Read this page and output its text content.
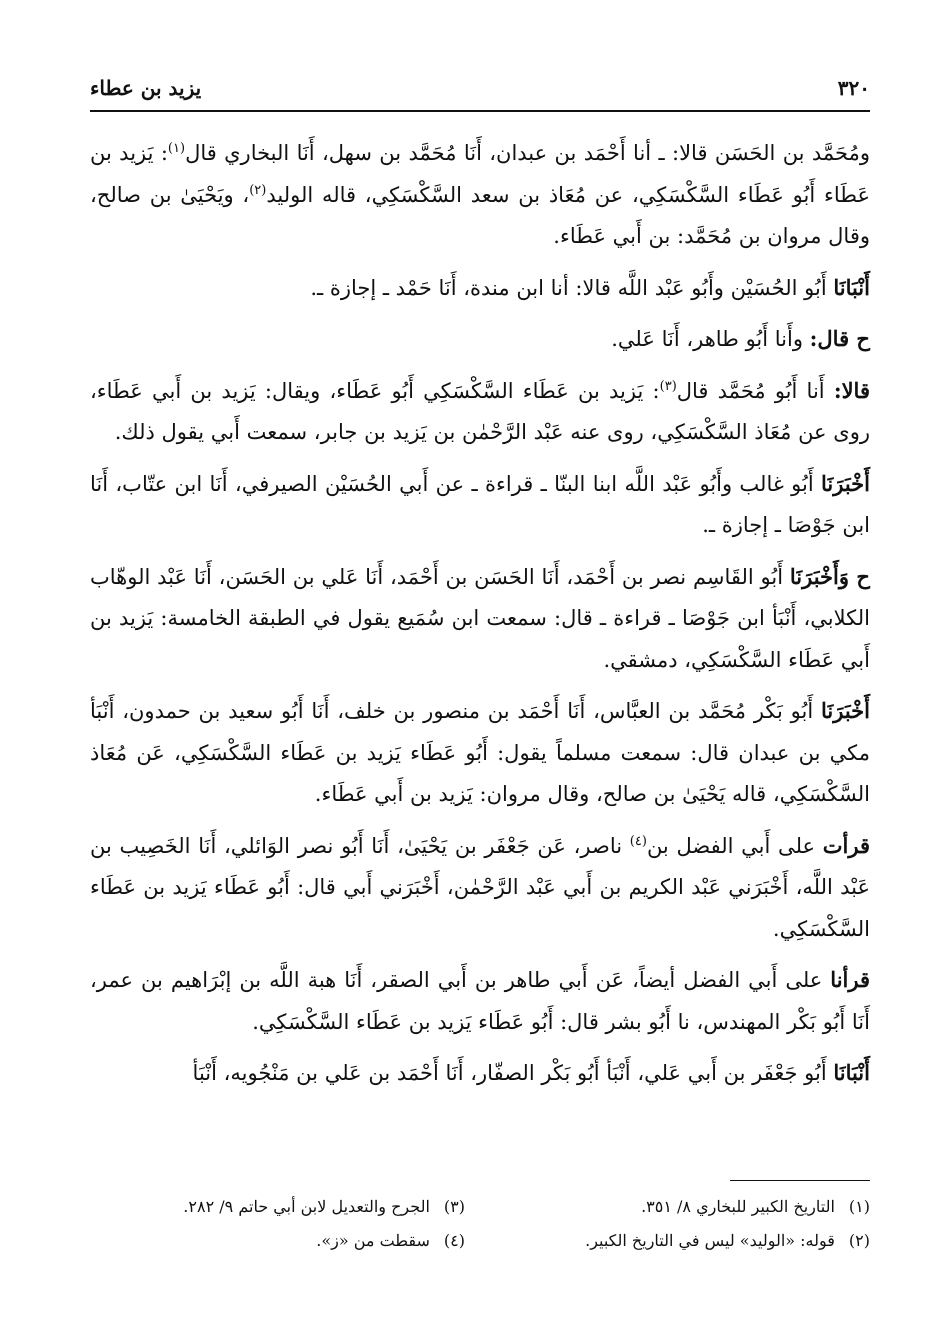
٣٢٠
يزيد بن عطاء

ومُحَمَّد بن الحَسَن قالا: ـ أنا أَحْمَد بن عبدان، أَنَا مُحَمَّد بن سهل، أَنَا البخاري قال$^{(١)}$: يَزيد بن عَطَاء أَبُو عَطَاء السَّكْسَكِي، عن مُعَاذ بن سعد السَّكْسَكِي، قاله الوليد$^{(٢)}$، ويَحْيَىٰ بن صالح، وقال مروان بن مُحَمَّد: بن أَبي عَطَاء.

أَنْبَانَا أَبُو الحُسَيْن وأَبُو عَبْد اللَّه قالا: أنا ابن مندة، أَنَا حَمْد ـ إجازة ـ.

ح قال: وأَنا أَبُو طاهر، أَنَا عَلي.

قالا: أَنا أَبُو مُحَمَّد قال$^{(٣)}$: يَزيد بن عَطَاء السَّكْسَكِي أَبُو عَطَاء، ويقال: يَزيد بن أَبي عَطَاء، روى عن مُعَاذ السَّكْسَكِي، روى عنه عَبْد الرَّحْمٰن بن يَزيد بن جابر، سمعت أَبي يقول ذلك.

أَخْبَرَنَا أَبُو غالب وأَبُو عَبْد اللَّه ابنا البنّا ـ قراءة ـ عن أَبي الحُسَيْن الصيرفي، أَنَا ابن عتّاب، أَنَا ابن جَوْصَا ـ إجازة ـ.

ح وَأَخْبَرَنَا أَبُو القَاسِم نصر بن أَحْمَد، أَنَا الحَسَن بن أَحْمَد، أَنَا عَلي بن الحَسَن، أَنَا عَبْد الوهّاب الكلابي، أَنْبَأ ابن جَوْصَا ـ قراءة ـ قال: سمعت ابن سُمَيع يقول في الطبقة الخامسة: يَزيد بن أَبي عَطَاء السَّكْسَكِي، دمشقي.

أَخْبَرَنَا أَبُو بَكْر مُحَمَّد بن العبَّاس، أَنَا أَحْمَد بن منصور بن خلف، أَنَا أَبُو سعيد بن حمدون، أَنْبَأ مكي بن عبدان قال: سمعت مسلماً يقول: أَبُو عَطَاء يَزيد بن عَطَاء السَّكْسَكِي، عَن مُعَاذ السَّكْسَكِي، قاله يَحْيَىٰ بن صالح، وقال مروان: يَزيد بن أَبي عَطَاء.

قرأت على أَبي الفضل بن$^{(٤)}$ ناصر، عَن جَعْفَر بن يَحْيَىٰ، أَنَا أَبُو نصر الوَائلي، أَنَا الخَصِيب بن عَبْد اللَّه، أَخْبَرَني عَبْد الكريم بن أَبي عَبْد الرَّحْمٰن، أَخْبَرَني أَبي قال: أَبُو عَطَاء يَزيد بن عَطَاء السَّكْسَكِي.

قرأنا على أَبي الفضل أيضاً، عَن أَبي طاهر بن أَبي الصقر، أَنَا هبة اللَّه بن إبْرَاهيم بن عمر، أَنَا أَبُو بَكْر المهندس، نا أَبُو بشر قال: أَبُو عَطَاء يَزيد بن عَطَاء السَّكْسَكِي.

أَنْبَانَا أَبُو جَعْفَر بن أَبي عَلي، أَنْبَأ أَبُو بَكْر الصفّار، أَنَا أَحْمَد بن عَلي بن مَنْجُويه، أَنْبَأ

(١)التاريخ الكبير للبخاري ٨/ ٣٥١.
(٣)الجرح والتعديل لابن أبي حاتم ٩/ ٢٨٢.
(٢)قوله: «الوليد» ليس في التاريخ الكبير.
(٤)سقطت من «ز».
